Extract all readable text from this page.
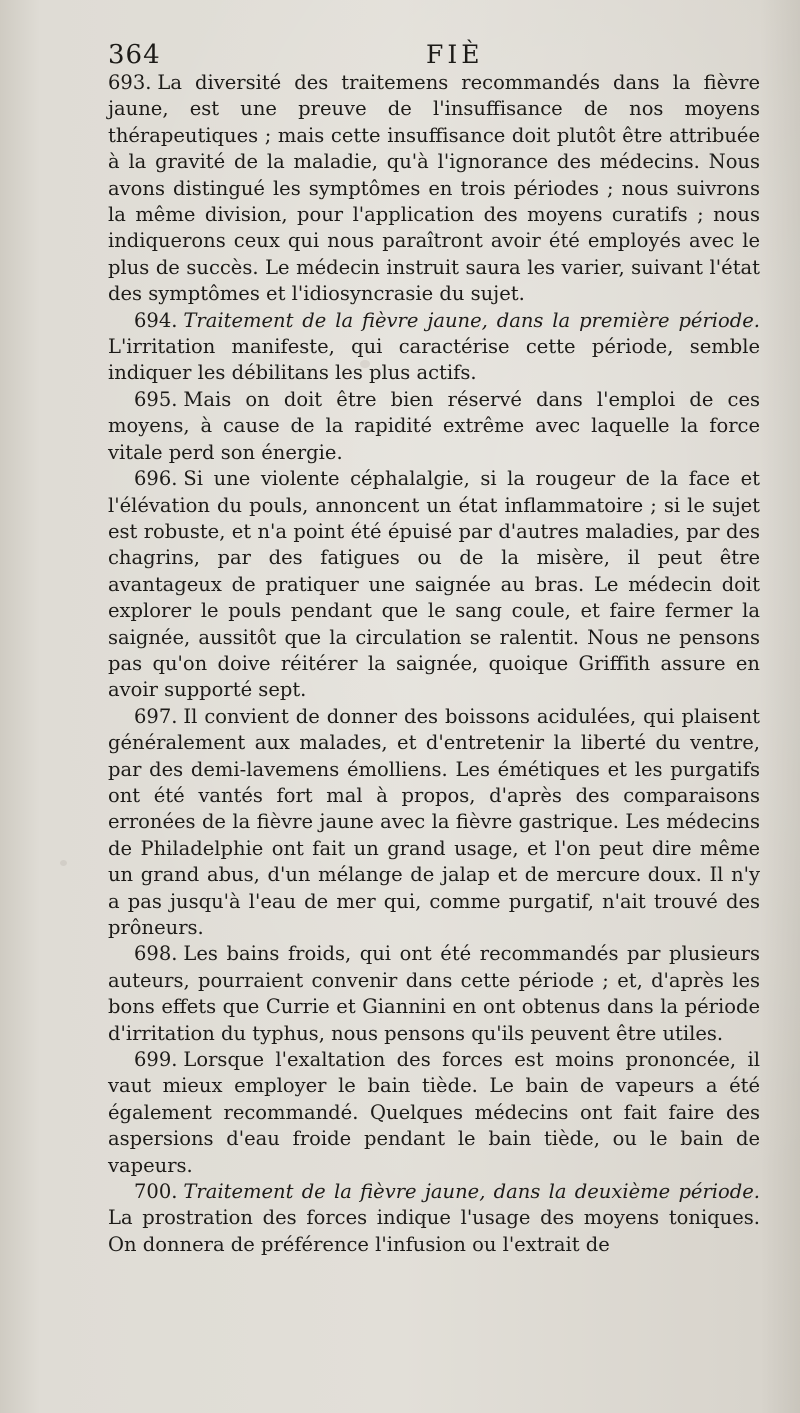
364	FIÈ

693. La diversité des traitemens recommandés dans la fièvre jaune, est une preuve de l'insuffisance de nos moyens thérapeutiques ; mais cette insuffisance doit plutôt être attribuée à la gravité de la maladie, qu'à l'ignorance des médecins. Nous avons distingué les symptômes en trois périodes ; nous suivrons la même division, pour l'application des moyens curatifs ; nous indiquerons ceux qui nous paraîtront avoir été employés avec le plus de succès. Le médecin instruit saura les varier, suivant l'état des symptômes et l'idiosyncrasie du sujet.

694. Traitement de la fièvre jaune, dans la première période. L'irritation manifeste, qui caractérise cette période, semble indiquer les débilitans les plus actifs.

695. Mais on doit être bien réservé dans l'emploi de ces moyens, à cause de la rapidité extrême avec laquelle la force vitale perd son énergie.

696. Si une violente céphalalgie, si la rougeur de la face et l'élévation du pouls, annoncent un état inflammatoire ; si le sujet est robuste, et n'a point été épuisé par d'autres maladies, par des chagrins, par des fatigues ou de la misère, il peut être avantageux de pratiquer une saignée au bras. Le médecin doit explorer le pouls pendant que le sang coule, et faire fermer la saignée, aussitôt que la circulation se ralentit. Nous ne pensons pas qu'on doive réitérer la saignée, quoique Griffith assure en avoir supporté sept.

697. Il convient de donner des boissons acidulées, qui plaisent généralement aux malades, et d'entretenir la liberté du ventre, par des demi-lavemens émolliens. Les émétiques et les purgatifs ont été vantés fort mal à propos, d'après des comparaisons erronées de la fièvre jaune avec la fièvre gastrique. Les médecins de Philadelphie ont fait un grand usage, et l'on peut dire même un grand abus, d'un mélange de jalap et de mercure doux. Il n'y a pas jusqu'à l'eau de mer qui, comme purgatif, n'ait trouvé des prôneurs.

698. Les bains froids, qui ont été recommandés par plusieurs auteurs, pourraient convenir dans cette période ; et, d'après les bons effets que Currie et Giannini en ont obtenus dans la période d'irritation du typhus, nous pensons qu'ils peuvent être utiles.

699. Lorsque l'exaltation des forces est moins prononcée, il vaut mieux employer le bain tiède. Le bain de vapeurs a été également recommandé. Quelques médecins ont fait faire des aspersions d'eau froide pendant le bain tiède, ou le bain de vapeurs.

700. Traitement de la fièvre jaune, dans la deuxième période. La prostration des forces indique l'usage des moyens toniques. On donnera de préférence l'infusion ou l'extrait de
